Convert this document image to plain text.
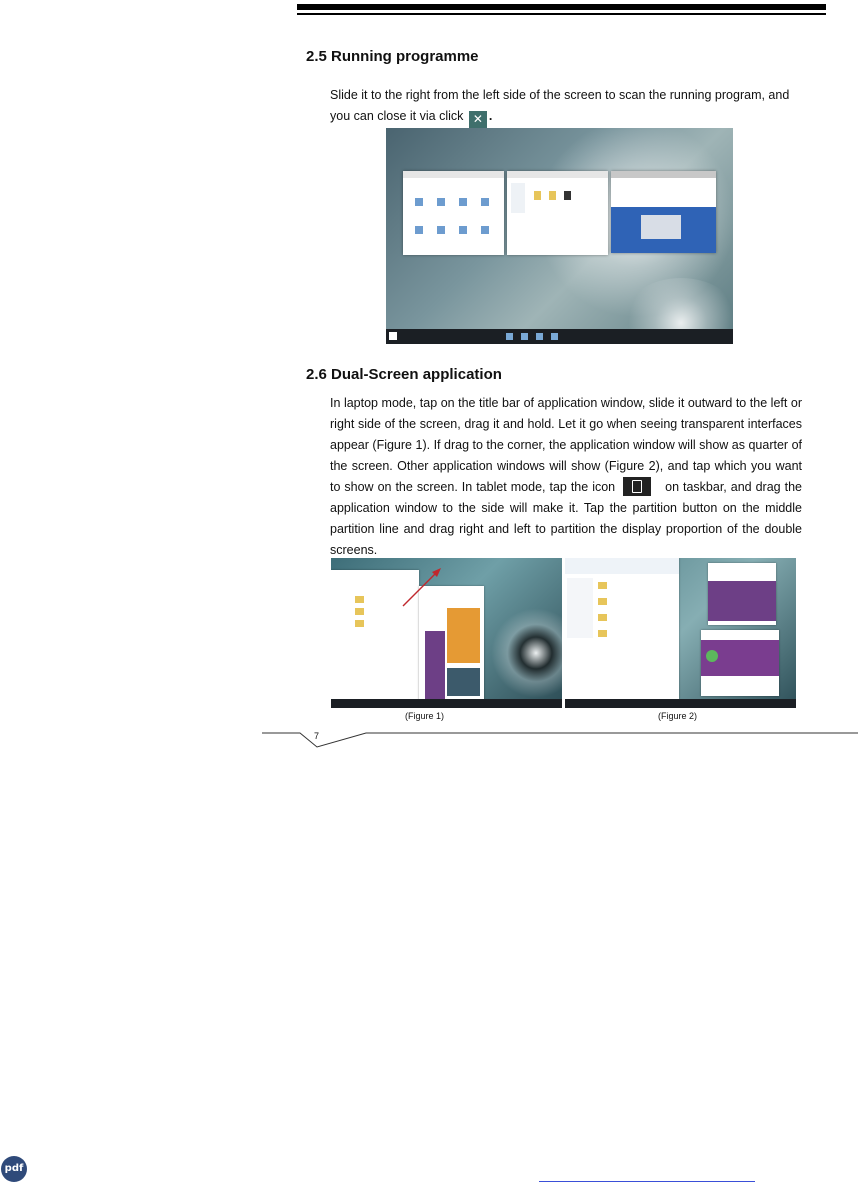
2.5 Running programme

Slide it to the right from the left side of the screen to scan the running program, and you can close it via click ✕ .

2.6 Dual-Screen application

In laptop mode, tap on the title bar of application window, slide it outward to the left or right side of the screen, drag it and hold. Let it go when seeing transparent interfaces appear (Figure 1). If drag to the corner, the application window will show as quarter of the screen. Other application windows will show (Figure 2), and tap which you want to show on the screen. In tablet mode, tap the icon	on taskbar, and drag the application window to the side will make it. Tap the partition button on the middle partition line and drag right and left to partition the display proportion of the double screens.

(Figure 1)	(Figure 2)

7

pdf
